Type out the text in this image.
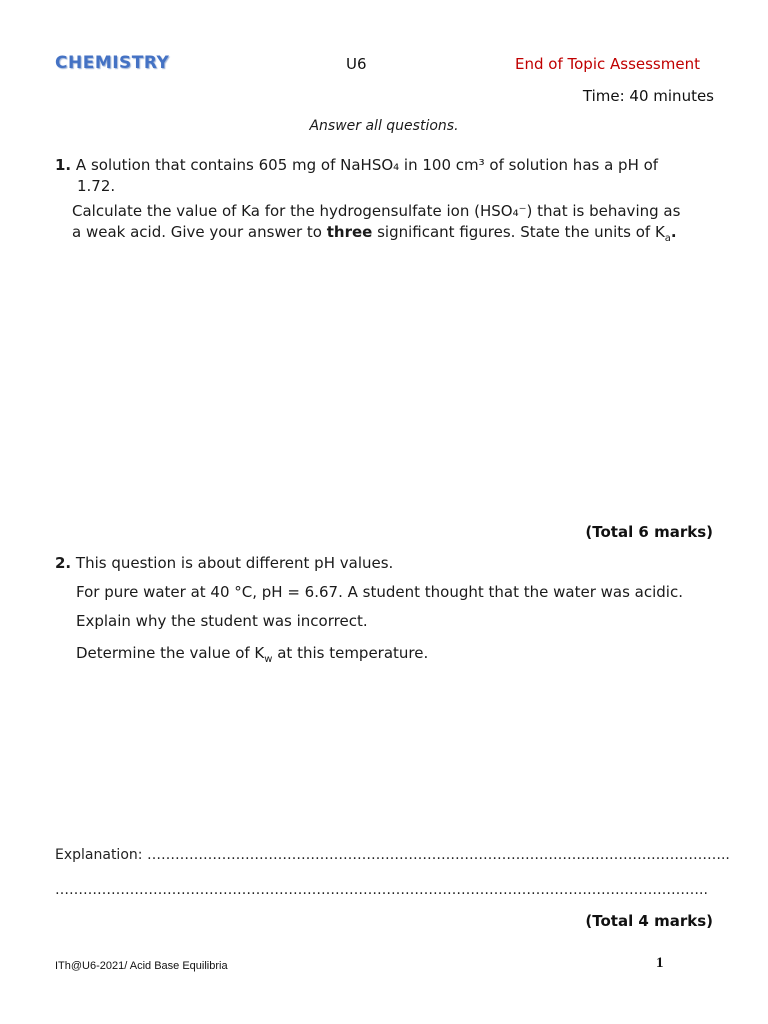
CHEMISTRY	U6	End of Topic Assessment
Time: 40 minutes
Answer all questions.
1. A solution that contains 605 mg of NaHSO₄ in 100 cm³ of solution has a pH of
1.72.
Calculate the value of Ka for the hydrogensulfate ion (HSO₄⁻) that is behaving as
a weak acid. Give your answer to three significant figures. State the units of $K_a$.
(Total 6 marks)
2. This question is about different pH values.
For pure water at 40 °C, pH = 6.67. A student thought that the water was acidic.
Explain why the student was incorrect.
Determine the value of $K_w$ at this temperature.
Explanation: ……………………………………………………………………………………………………………..
…………………………………………………………………………………………………………………………..
(Total 4 marks)
ITh@U6-2021/ Acid Base Equilibria	1
